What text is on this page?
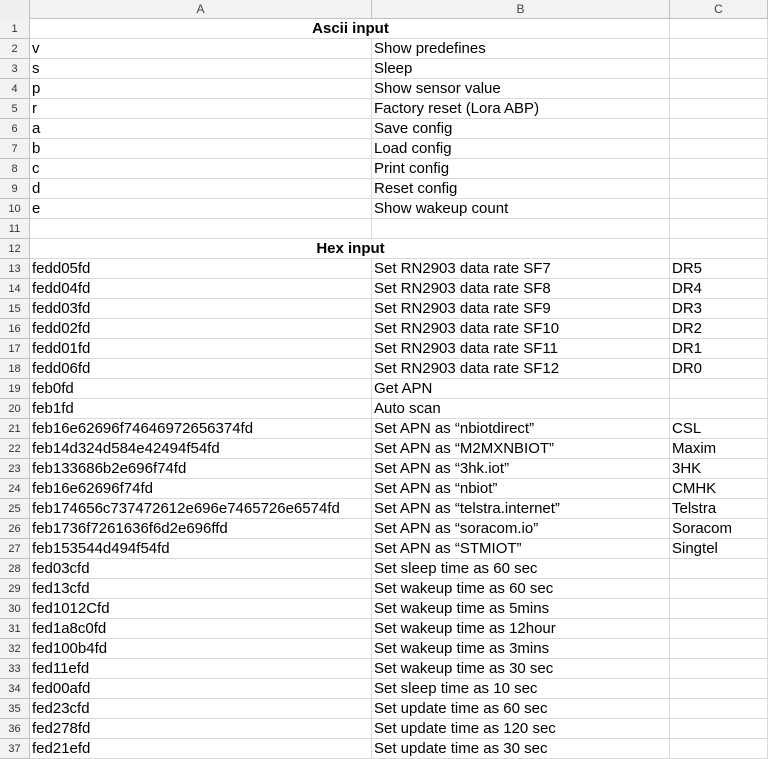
A	B	C
1	Ascii input
2 v	Show predefines
3 s	Sleep
4 p	Show sensor value
5 r	Factory reset (Lora ABP)
6 a	Save config
7 b	Load config
8 c	Print config
9 d	Reset config
10 e	Show wakeup count
11
12	Hex input
13 fedd05fd	Set RN2903 data rate SF7	DR5
14 fedd04fd	Set RN2903 data rate SF8	DR4
15 fedd03fd	Set RN2903 data rate SF9	DR3
16 fedd02fd	Set RN2903 data rate SF10	DR2
17 fedd01fd	Set RN2903 data rate SF11	DR1
18 fedd06fd	Set RN2903 data rate SF12	DR0
19 feb0fd	Get APN
20 feb1fd	Auto scan
21 feb16e62696f74646972656374fd	Set APN as “nbiotdirect”	CSL
22 feb14d324d584e42494f54fd	Set APN as “M2MXNBIOT”	Maxim
23 feb133686b2e696f74fd	Set APN as “3hk.iot”	3HK
24 feb16e62696f74fd	Set APN as “nbiot”	CMHK
25 feb174656c737472612e696e7465726e6574fd	Set APN as “telstra.internet”	Telstra
26 feb1736f7261636f6d2e696ffd	Set APN as “soracom.io”	Soracom
27 feb153544d494f54fd	Set APN as “STMIOT”	Singtel
28 fed03cfd	Set sleep time as 60 sec
29 fed13cfd	Set wakeup time as 60 sec
30 fed1012Cfd	Set wakeup time as 5mins
31 fed1a8c0fd	Set wakeup time as 12hour
32 fed100b4fd	Set wakeup time as 3mins
33 fed11efd	Set wakeup time as 30 sec
34 fed00afd	Set sleep time as 10 sec
35 fed23cfd	Set update time as 60 sec
36 fed278fd	Set update time as 120 sec
37 fed21efd	Set update time as 30 sec
